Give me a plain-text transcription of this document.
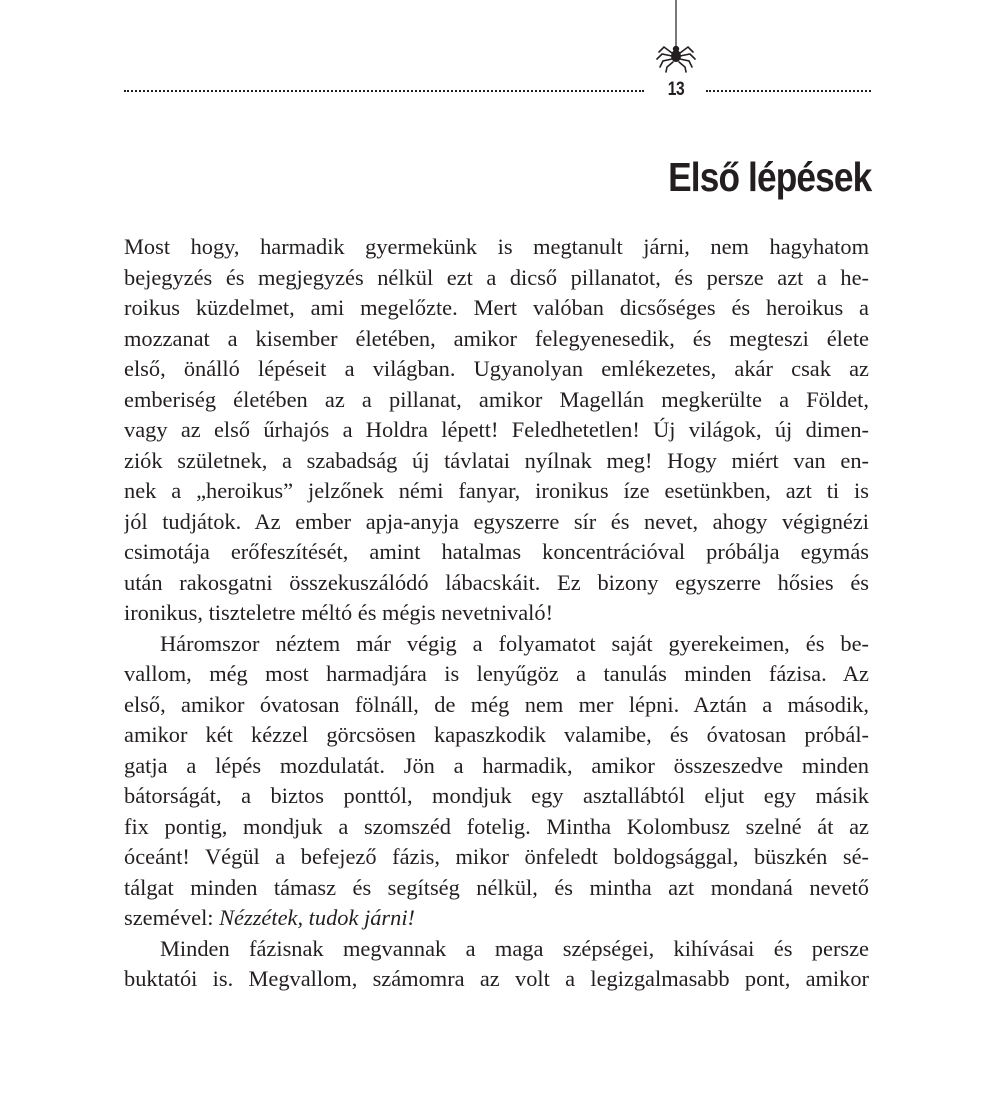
13
Első lépések
Most hogy, harmadik gyermekünk is megtanult járni, nem hagyhatom
bejegyzés és megjegyzés nélkül ezt a dicső pillanatot, és persze azt a he-
roikus küzdelmet, ami megelőzte. Mert valóban dicsőséges és heroikus a
mozzanat a kisember életében, amikor felegyenesedik, és megteszi élete
első, önálló lépéseit a világban. Ugyanolyan emlékezetes, akár csak az
emberiség életében az a pillanat, amikor Magellán megkerülte a Földet,
vagy az első űrhajós a Holdra lépett! Feledhetetlen! Új világok, új dimen-
ziók születnek, a szabadság új távlatai nyílnak meg! Hogy miért van en-
nek a „heroikus” jelzőnek némi fanyar, ironikus íze esetünkben, azt ti is
jól tudjátok. Az ember apja-anyja egyszerre sír és nevet, ahogy végignézi
csimotája erőfeszítését, amint hatalmas koncentrációval próbálja egymás
után rakosgatni összekuszálódó lábacskáit. Ez bizony egyszerre hősies és
ironikus, tiszteletre méltó és mégis nevetnivaló!
Háromszor néztem már végig a folyamatot saját gyerekeimen, és be-
vallom, még most harmadjára is lenyűgöz a tanulás minden fázisa. Az
első, amikor óvatosan fölnáll, de még nem mer lépni. Aztán a második,
amikor két kézzel görcsösen kapaszkodik valamibe, és óvatosan próbál-
gatja a lépés mozdulatát. Jön a harmadik, amikor összeszedve minden
bátorságát, a biztos ponttól, mondjuk egy asztallábtól eljut egy másik
fix pontig, mondjuk a szomszéd fotelig. Mintha Kolombusz szelné át az
óceánt! Végül a befejező fázis, mikor önfeledt boldogsággal, büszkén sé-
tálgat minden támasz és segítség nélkül, és mintha azt mondaná nevető
szemével: Nézzétek, tudok járni!
Minden fázisnak megvannak a maga szépségei, kihívásai és persze
buktatói is. Megvallom, számomra az volt a legizgalmasabb pont, amikor
